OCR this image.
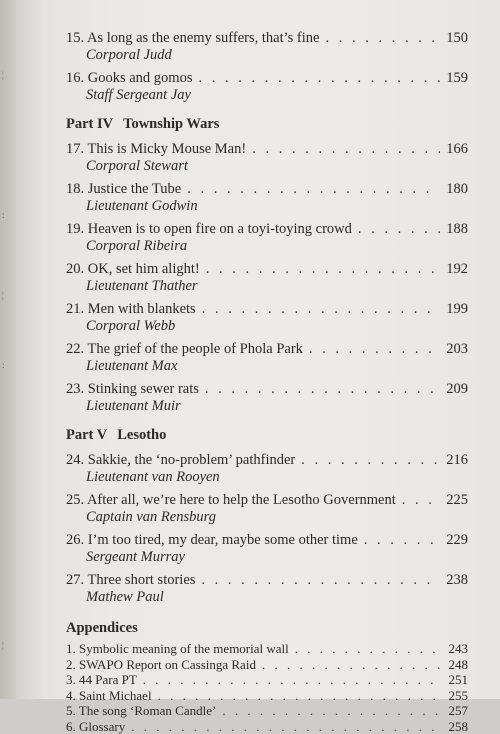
¦
:
¦
:
¦
15. As long as the enemy suffers, that’s fine . . .	150
Corporal Judd
16. Gooks and gomos . . .	159
Staff Sergeant Jay
Part IV Township Wars
17. This is Micky Mouse Man! . . .	166
Corporal Stewart
18. Justice the Tube . . .	180
Lieutenant Godwin
19. Heaven is to open fire on a toyi-toying crowd . . .	188
Corporal Ribeira
20. OK, set him alight! . . .	192
Lieutenant Thather
21. Men with blankets . . .	199
Corporal Webb
22. The grief of the people of Phola Park . . .	203
Lieutenant Max
23. Stinking sewer rats . . .	209
Lieutenant Muir
Part V Lesotho
24. Sakkie, the ‘no-problem’ pathfinder . . .	216
Lieutenant van Rooyen
25. After all, we’re here to help the Lesotho Government . . .	225
Captain van Rensburg
26. I’m too tired, my dear, maybe some other time . . .	229
Sergeant Murray
27. Three short stories . . .	238
Mathew Paul
Appendices
1. Symbolic meaning of the memorial wall . . .	243
2. SWAPO Report on Cassinga Raid . . .	248
3. 44 Para PT . . .	251
4. Saint Michael . . .	255
5. The song ‘Roman Candle’ . . .	257
6. Glossary . . .	258
